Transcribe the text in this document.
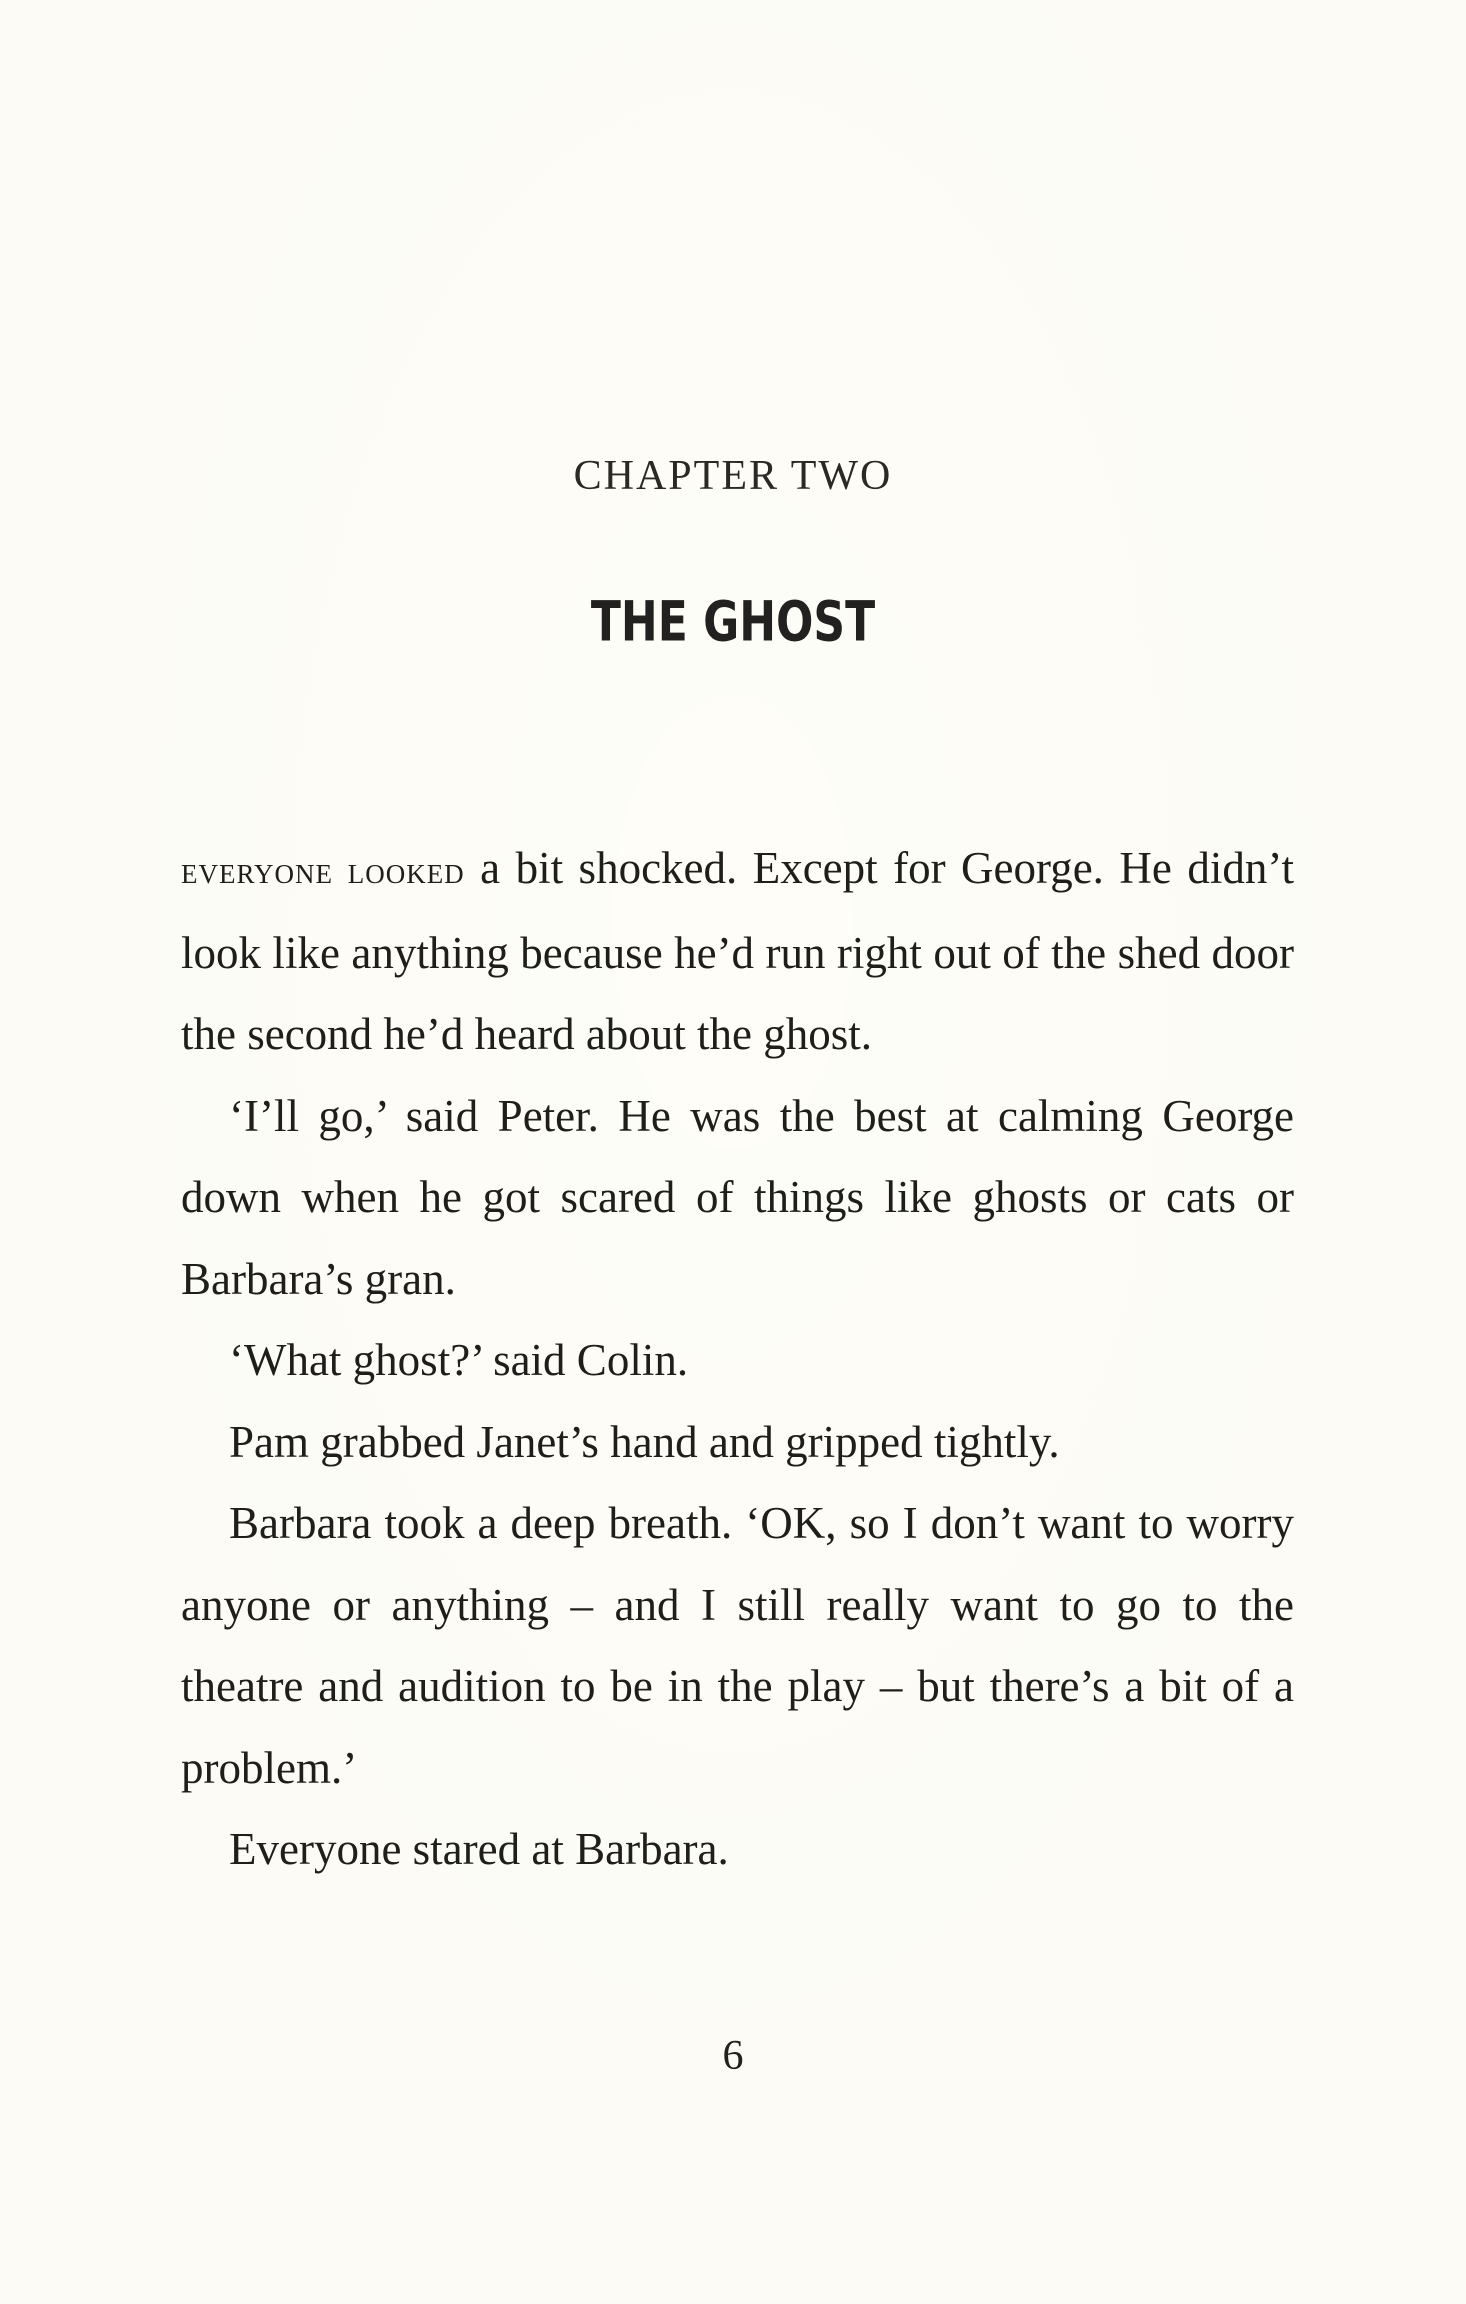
CHAPTER TWO
THE GHOST

everyone looked a bit shocked. Except for George. He didn’t look like anything because he’d run right out of the shed door the second he’d heard about the ghost.

‘I’ll go,’ said Peter. He was the best at calming George down when he got scared of things like ghosts or cats or Barbara’s gran.

‘What ghost?’ said Colin.

Pam grabbed Janet’s hand and gripped tightly.

Barbara took a deep breath. ‘OK, so I don’t want to worry anyone or anything – and I still really want to go to the theatre and audition to be in the play – but there’s a bit of a problem.’

Everyone stared at Barbara.

6
